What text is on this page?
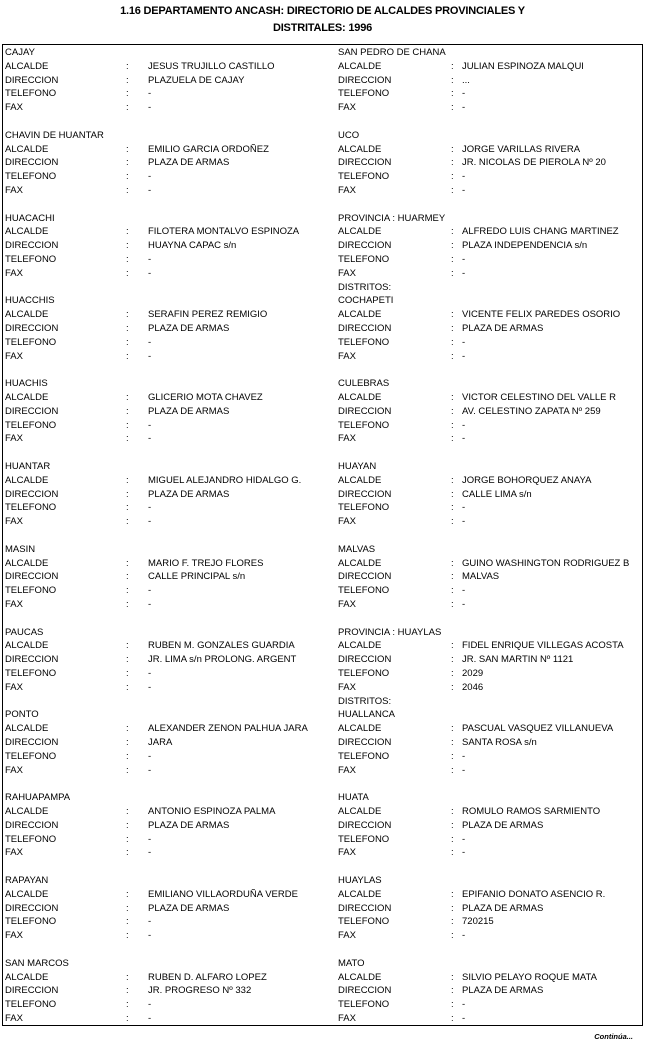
1.16 DEPARTAMENTO ANCASH: DIRECTORIO DE ALCALDES PROVINCIALES Y
DISTRITALES: 1996
CAJAY	SAN PEDRO DE CHANA
ALCALDE	: JESUS TRUJILLO CASTILLO	ALCALDE	: JULIAN ESPINOZA MALQUI
DIRECCION	: PLAZUELA DE CAJAY	DIRECCION	: ...
TELEFONO	: -	TELEFONO	: -
FAX	: -	FAX	: -
CHAVIN DE HUANTAR	UCO
ALCALDE	: EMILIO GARCIA ORDOÑEZ	ALCALDE	: JORGE VARILLAS RIVERA
DIRECCION	: PLAZA DE ARMAS	DIRECCION	: JR. NICOLAS DE PIEROLA Nº 20
TELEFONO	: -	TELEFONO	: -
FAX	: -	FAX	: -
HUACACHI	PROVINCIA : HUARMEY
ALCALDE	: FILOTERA MONTALVO ESPINOZA	ALCALDE	: ALFREDO LUIS CHANG MARTINEZ
DIRECCION	: HUAYNA CAPAC s/n	DIRECCION	: PLAZA INDEPENDENCIA s/n
TELEFONO	: -	TELEFONO	: -
FAX	: -	FAX	: -
DISTRITOS:
HUACCHIS	COCHAPETI
ALCALDE	: SERAFIN PEREZ REMIGIO	ALCALDE	: VICENTE FELIX PAREDES OSORIO
DIRECCION	: PLAZA DE ARMAS	DIRECCION	: PLAZA DE ARMAS
TELEFONO	: -	TELEFONO	: -
FAX	: -	FAX	: -
HUACHIS	CULEBRAS
ALCALDE	: GLICERIO MOTA CHAVEZ	ALCALDE	: VICTOR CELESTINO DEL VALLE R
DIRECCION	: PLAZA DE ARMAS	DIRECCION	: AV. CELESTINO ZAPATA Nº 259
TELEFONO	: -	TELEFONO	: -
FAX	: -	FAX	: -
HUANTAR	HUAYAN
ALCALDE	: MIGUEL ALEJANDRO HIDALGO G.	ALCALDE	: JORGE BOHORQUEZ ANAYA
DIRECCION	: PLAZA DE ARMAS	DIRECCION	: CALLE LIMA s/n
TELEFONO	: -	TELEFONO	: -
FAX	: -	FAX	: -
MASIN	MALVAS
ALCALDE	: MARIO F. TREJO FLORES	ALCALDE	: GUINO WASHINGTON RODRIGUEZ B
DIRECCION	: CALLE PRINCIPAL s/n	DIRECCION	: MALVAS
TELEFONO	: -	TELEFONO	: -
FAX	: -	FAX	: -
PAUCAS	PROVINCIA : HUAYLAS
ALCALDE	: RUBEN M. GONZALES GUARDIA	ALCALDE	: FIDEL ENRIQUE VILLEGAS ACOSTA
DIRECCION	: JR. LIMA s/n PROLONG. ARGENT	DIRECCION	: JR. SAN MARTIN Nº 1121
TELEFONO	: -	TELEFONO	: 2029
FAX	: -	FAX	: 2046
DISTRITOS:
PONTO	HUALLANCA
ALCALDE	: ALEXANDER ZENON PALHUA JARA	ALCALDE	: PASCUAL VASQUEZ VILLANUEVA
DIRECCION	: JARA	DIRECCION	: SANTA ROSA s/n
TELEFONO	: -	TELEFONO	: -
FAX	: -	FAX	: -
RAHUAPAMPA	HUATA
ALCALDE	: ANTONIO ESPINOZA PALMA	ALCALDE	: ROMULO RAMOS SARMIENTO
DIRECCION	: PLAZA DE ARMAS	DIRECCION	: PLAZA DE ARMAS
TELEFONO	: -	TELEFONO	: -
FAX	: -	FAX	: -
RAPAYAN	HUAYLAS
ALCALDE	: EMILIANO VILLAORDUÑA VERDE	ALCALDE	: EPIFANIO DONATO ASENCIO R.
DIRECCION	: PLAZA DE ARMAS	DIRECCION	: PLAZA DE ARMAS
TELEFONO	: -	TELEFONO	: 720215
FAX	: -	FAX	: -
SAN MARCOS	MATO
ALCALDE	: RUBEN D. ALFARO LOPEZ	ALCALDE	: SILVIO PELAYO ROQUE MATA
DIRECCION	: JR. PROGRESO Nº 332	DIRECCION	: PLAZA DE ARMAS
TELEFONO	: -	TELEFONO	: -
FAX	: -	FAX	: -
Continúa...
